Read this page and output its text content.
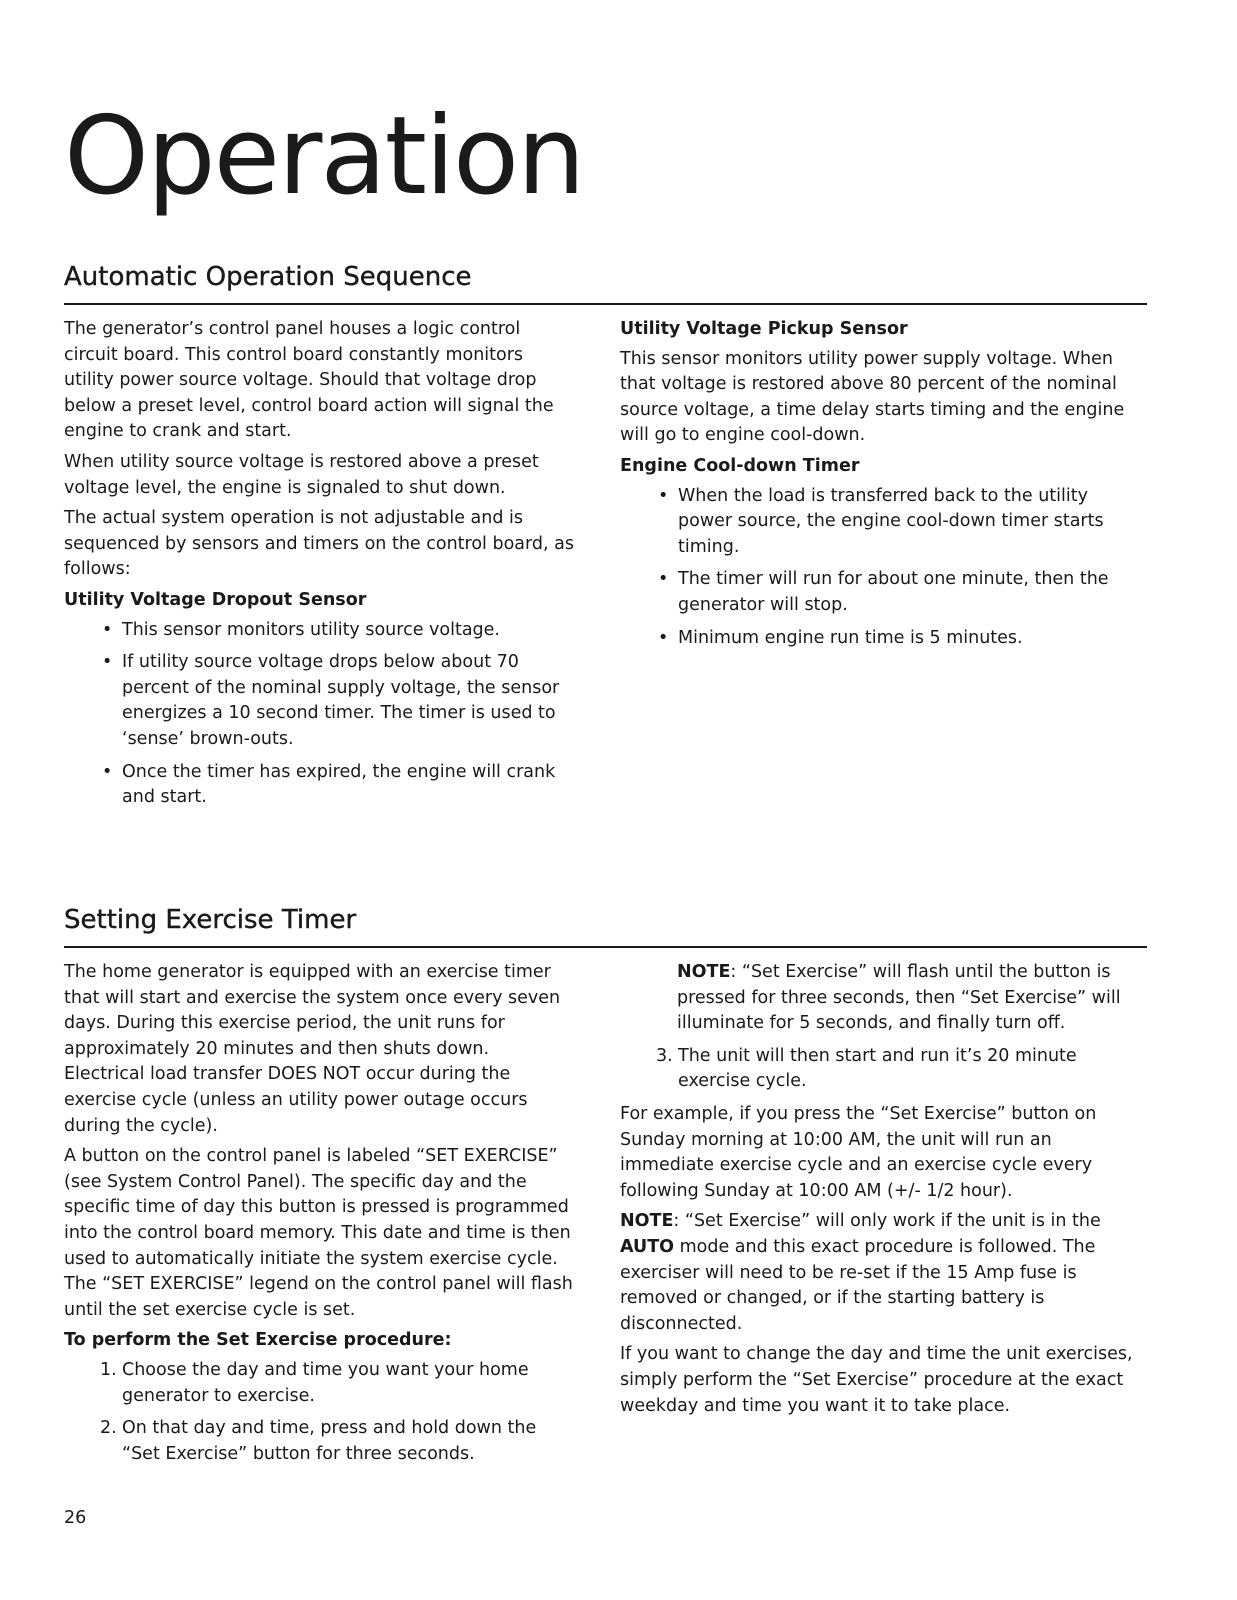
Operation
Automatic Operation Sequence

The generator’s control panel houses a logic control circuit board. This control board constantly monitors utility power source voltage. Should that voltage drop below a preset level, control board action will signal the engine to crank and start.

When utility source voltage is restored above a preset voltage level, the engine is signaled to shut down.

The actual system operation is not adjustable and is sequenced by sensors and timers on the control board, as follows:

Utility Voltage Dropout Sensor
• This sensor monitors utility source voltage.
• If utility source voltage drops below about 70 percent of the nominal supply voltage, the sensor energizes a 10 second timer. The timer is used to ‘sense’ brown-outs.
• Once the timer has expired, the engine will crank and start.
Utility Voltage Pickup Sensor

This sensor monitors utility power supply voltage. When that voltage is restored above 80 percent of the nominal source voltage, a time delay starts timing and the engine will go to engine cool-down.

Engine Cool-down Timer
• When the load is transferred back to the utility power source, the engine cool-down timer starts timing.
• The timer will run for about one minute, then the generator will stop.
• Minimum engine run time is 5 minutes.
Setting Exercise Timer

The home generator is equipped with an exercise timer that will start and exercise the system once every seven days. During this exercise period, the unit runs for approximately 20 minutes and then shuts down. Electrical load transfer DOES NOT occur during the exercise cycle (unless an utility power outage occurs during the cycle).

A button on the control panel is labeled “SET EXERCISE” (see System Control Panel). The specific day and the specific time of day this button is pressed is programmed into the control board memory. This date and time is then used to automatically initiate the system exercise cycle. The “SET EXERCISE” legend on the control panel will flash until the set exercise cycle is set.

To perform the Set Exercise procedure:
1. Choose the day and time you want your home generator to exercise.
2. On that day and time, press and hold down the “Set Exercise” button for three seconds.

NOTE: “Set Exercise” will flash until the button is pressed for three seconds, then “Set Exercise” will illuminate for 5 seconds, and finally turn off.

3. The unit will then start and run it’s 20 minute exercise cycle.

For example, if you press the “Set Exercise” button on Sunday morning at 10:00 AM, the unit will run an immediate exercise cycle and an exercise cycle every following Sunday at 10:00 AM (+/- 1/2 hour).

NOTE: “Set Exercise” will only work if the unit is in the AUTO mode and this exact procedure is followed. The exerciser will need to be re-set if the 15 Amp fuse is removed or changed, or if the starting battery is disconnected.

If you want to change the day and time the unit exercises, simply perform the “Set Exercise” procedure at the exact weekday and time you want it to take place.

26
